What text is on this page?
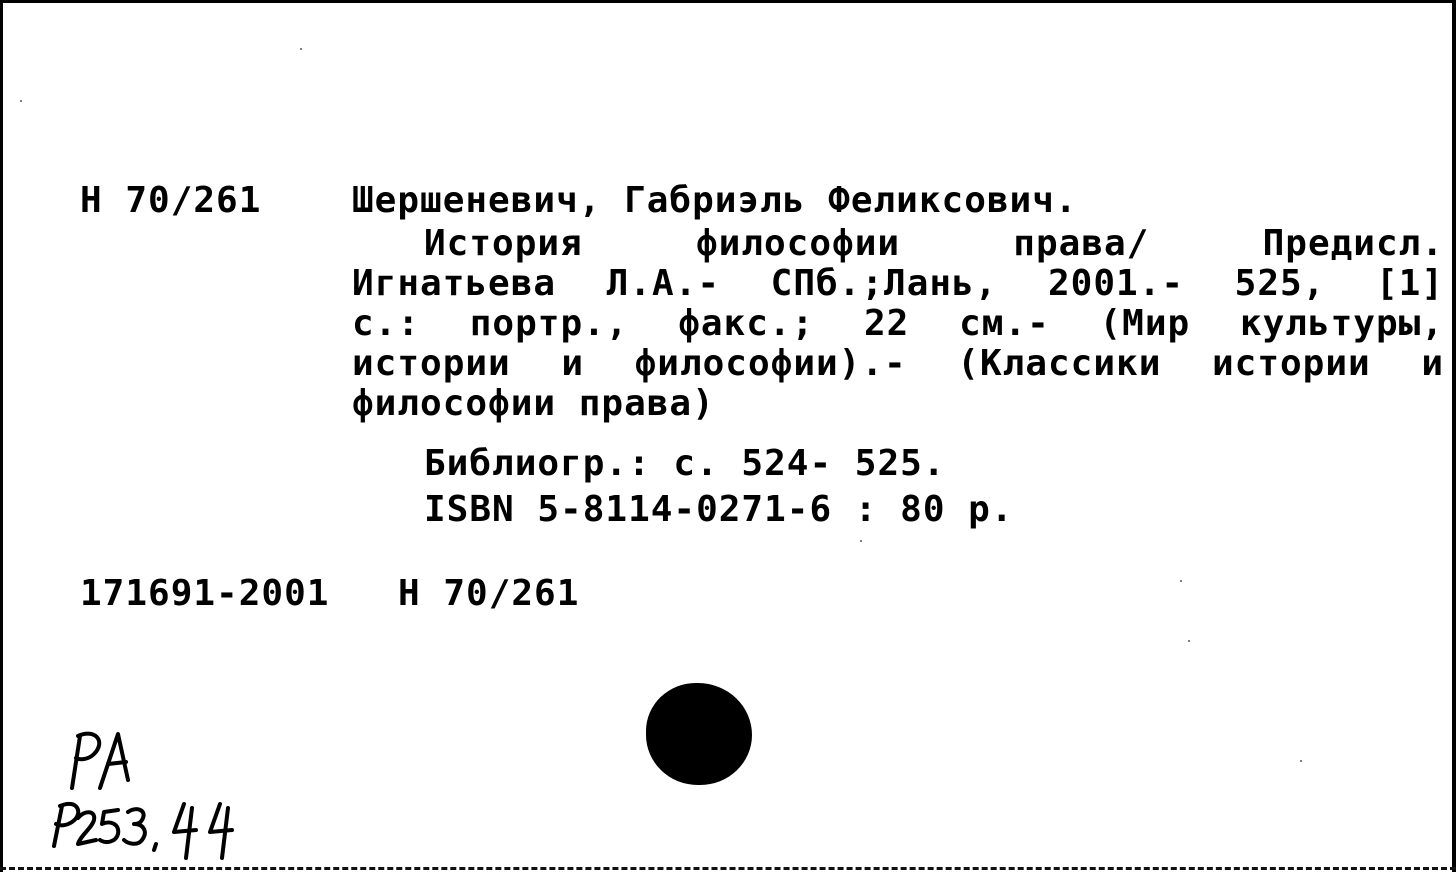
Н 70/261	Шершеневич, Габриэль Феликсович.
История философии права/ Предисл.
Игнатьева Л.А.- СПб.;Лань, 2001.- 525, [1]
с.: портр., факс.; 22 см.- (Мир культуры,
истории и философии).- (Классики истории и
философии права)
Библиогр.: с. 524- 525.
ISBN 5-8114-0271-6 : 80 р.
171691-2001 Н 70/261
